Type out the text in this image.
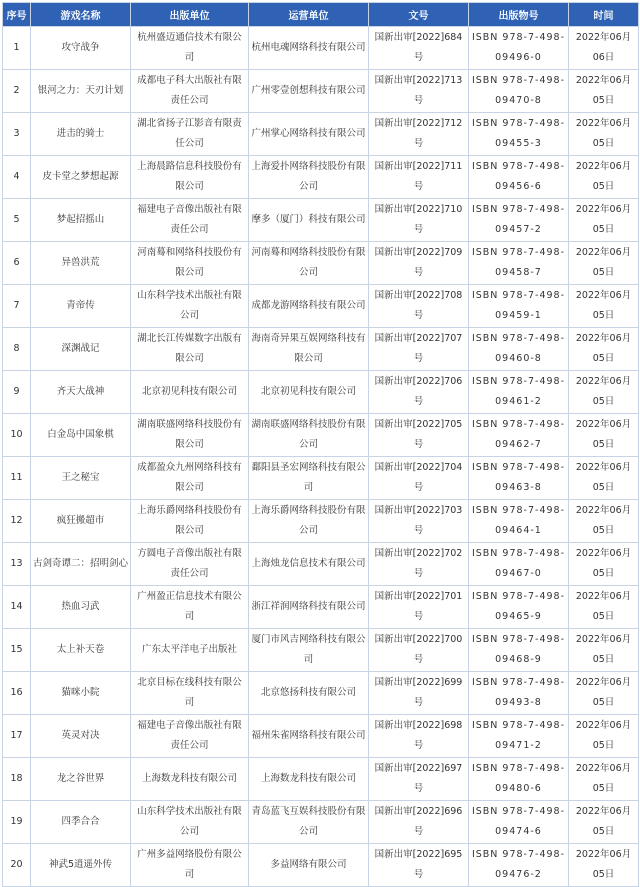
序号	游戏名称	出版单位	运营单位	文号	出版物号	时间
1	攻守战争	杭州盛迈通信技术有限公司	杭州电魂网络科技有限公司	国新出审[2022]684号	ISBN 978-7-498-09496-0	2022年06月06日
2	银河之力：天刃计划	成都电子科大出版社有限责任公司	广州零壹创想科技有限公司	国新出审[2022]713号	ISBN 978-7-498-09470-8	2022年06月05日
3	进击的骑士	湖北省扬子江影音有限责任公司	广州掌心网络科技有限公司	国新出审[2022]712号	ISBN 978-7-498-09455-3	2022年06月05日
4	皮卡堂之梦想起源	上海晨路信息科技股份有限公司	上海爱扑网络科技股份有限公司	国新出审[2022]711号	ISBN 978-7-498-09456-6	2022年06月05日
5	梦起招摇山	福建电子音像出版社有限责任公司	摩多（厦门）科技有限公司	国新出审[2022]710号	ISBN 978-7-498-09457-2	2022年06月05日
6	异兽洪荒	河南蓦和网络科技股份有限公司	河南蓦和网络科技股份有限公司	国新出审[2022]709号	ISBN 978-7-498-09458-7	2022年06月05日
7	青帝传	山东科学技术出版社有限公司	成都龙游网络科技有限公司	国新出审[2022]708号	ISBN 978-7-498-09459-1	2022年06月05日
8	深渊战记	湖北长江传媒数字出版有限公司	海南奇异果互娱网络科技有限公司	国新出审[2022]707号	ISBN 978-7-498-09460-8	2022年06月05日
9	齐天大战神	北京初见科技有限公司	北京初见科技有限公司	国新出审[2022]706号	ISBN 978-7-498-09461-2	2022年06月05日
10	白金岛中国象棋	湖南联盛网络科技股份有限公司	湖南联盛网络科技股份有限公司	国新出审[2022]705号	ISBN 978-7-498-09462-7	2022年06月05日
11	王之秘宝	成都盈众九州网络科技有限公司	鄱阳县圣宏网络科技有限公司	国新出审[2022]704号	ISBN 978-7-498-09463-8	2022年06月05日
12	疯狂搬超市	上海乐爵网络科技股份有限公司	上海乐爵网络科技股份有限公司	国新出审[2022]703号	ISBN 978-7-498-09464-1	2022年06月05日
13	古剑奇谭二：招明剑心	方圆电子音像出版社有限责任公司	上海烛龙信息技术有限公司	国新出审[2022]702号	ISBN 978-7-498-09467-0	2022年06月05日
14	热血习武	广州盈正信息技术有限公司	浙江祥润网络科技有限公司	国新出审[2022]701号	ISBN 978-7-498-09465-9	2022年06月05日
15	太上补天卷	广东太平洋电子出版社	厦门市风吉网络科技有限公司	国新出审[2022]700号	ISBN 978-7-498-09468-9	2022年06月05日
16	猫咪小院	北京目标在线科技有限公司	北京悠扬科技有限公司	国新出审[2022]699号	ISBN 978-7-498-09493-8	2022年06月05日
17	英灵对决	福建电子音像出版社有限责任公司	福州朱雀网络科技有限公司	国新出审[2022]698号	ISBN 978-7-498-09471-2	2022年06月05日
18	龙之谷世界	上海数龙科技有限公司	上海数龙科技有限公司	国新出审[2022]697号	ISBN 978-7-498-09480-6	2022年06月05日
19	四季合合	山东科学技术出版社有限公司	青岛蓝飞互娱科技股份有限公司	国新出审[2022]696号	ISBN 978-7-498-09474-6	2022年06月05日
20	神武5逍遥外传	广州多益网络股份有限公司	多益网络有限公司	国新出审[2022]695号	ISBN 978-7-498-09476-2	2022年06月05日
